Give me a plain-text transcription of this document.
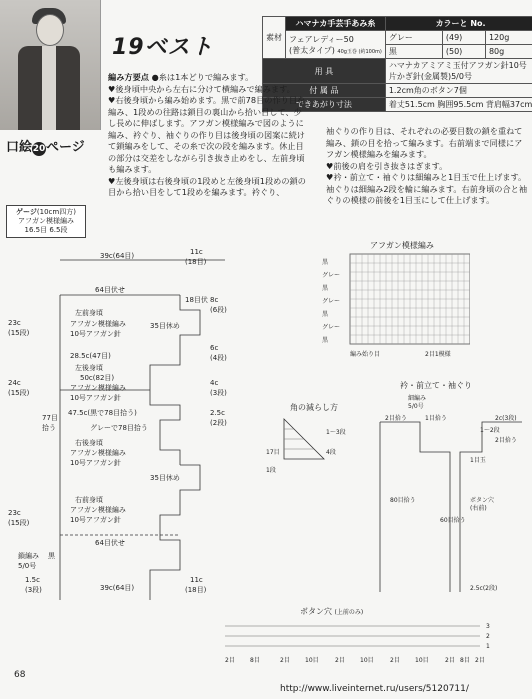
口絵20ページ
19ベスト	素材	ハマナカ手芸手あみ糸	カラーと No.		
	フェアレディー50
(普太タイプ) 40g玉巻 (約100m)	グレー	(49)	120g
		黒	(50)	80g
用 具		ハマナカアミアミ玉付アフガン針10号
片かぎ針(金属製)5/0号		
付 属 品		1.2cm角のボタン7個		
できあがり寸法		着丈51.5cm 胸囲95.5cm 背肩幅37cm		

編み方要点 ●糸は1本どりで編みます。

♥後身頃中央から左右に分けて横編みで編みます。

♥右後身頃から編み始めます。黒で前78目の作り目を編み、1段めの往路は鎖目の裏山から拾い目して、少し長めに伸ばします。アフガン模様編みで図のように編み、衿ぐり、袖ぐりの作り目は後身頃の図案に続けて鎖編みをして、その糸で次の段を編みます。休止目の部分は交差をしながら引き抜き止めをし、左前身頃も編みます。

♥左後身頃は右後身頃の1段めと左後身頃1段めの鎖の目から拾い目をして1段めを編みます。衿ぐり、

袖ぐりの作り目は、それぞれの必要目数の鎖を重ねて編み、鎖の目を拾って編みます。右前端まで同様にアフガン模様編みを編みます。

♥前後の肩を引き抜きはぎます。

♥衿・前立て・袖ぐりは細編みと1目玉で仕上げます。袖ぐりは細編み2段を輪に編みます。右前身頃の合と袖ぐりの模様の前後を1目玉にして仕上げます。

ゲージ(10cm四方)
アフガン模様編み
16.5目 6.5段
39c(64目)	11c
(18目)
64目伏せ
18目伏
左前身頃
アフガン模様編み
10号アフガン針
35目休め
28.5c(47目)
左後身頃
50c(82目)
アフガン模様編み
10号アフガン針
47.5c(黒で78目拾う)
グレーで78目拾う
右後身頃
アフガン模様編み
10号アフガン針
35目休め
右前身頃
アフガン模様編み
10号アフガン針
64目伏せ
23c
(15段)
24c
(15段)
23c
(15段)
77目
拾う
8c
(6段)
6c
(4段)
4c
(3段)
2.5c
(2段)
鎖編み 黒
5/0号
1.5c
(3段)	39c(64目)
11c
(18目)
アフガン模様編み
黒
グレー
黒
グレー
黒
グレー
黒
編み始り目	2目1模様
角の減らし方
1〜3段
4段
17目
1段
衿・前立て・袖ぐり
細編み
5/0号
1〜2段
1目玉
ボタン穴
(右前)
60目拾う
80目拾う
2.5c(2段)
2目拾う	1目拾う	2c(3段)
2目拾う
ボタン穴 (上前のみ)
3
2
1
2目	8目	2目	10目	2目	10目	2目	10目	2目 8目 2目
68
http://www.liveinternet.ru/users/5120711/
